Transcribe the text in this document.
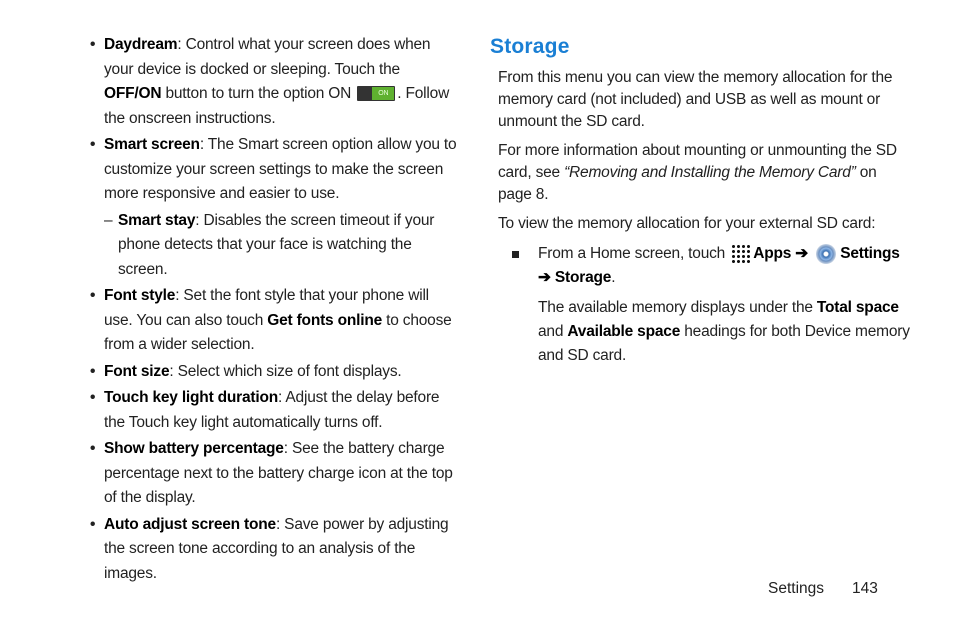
• Daydream: Control what your screen does when your device is docked or sleeping. Touch the OFF/ON button to turn the option ON	ON . Follow the onscreen instructions.
• Smart screen: The Smart screen option allow you to customize your screen settings to make the screen more responsive and easier to use.
– Smart stay: Disables the screen timeout if your phone detects that your face is watching the screen.
• Font style: Set the font style that your phone will use. You can also touch Get fonts online to choose from a wider selection.
• Font size: Select which size of font displays.
• Touch key light duration: Adjust the delay before the Touch key light automatically turns off.
• Show battery percentage: See the battery charge percentage next to the battery charge icon at the top of the display.
• Auto adjust screen tone: Save power by adjusting the screen tone according to an analysis of the images.
Storage

From this menu you can view the memory allocation for the memory card (not included) and USB as well as mount or unmount the SD card.

For more information about mounting or unmounting the SD card, see “Removing and Installing the Memory Card” on page 8.

To view the memory allocation for your external SD card:

From a Home screen, touch Apps ➔ Settings
➔ Storage.
The available memory displays under the Total space and Available space headings for both Device memory and SD card.
Settings 143
